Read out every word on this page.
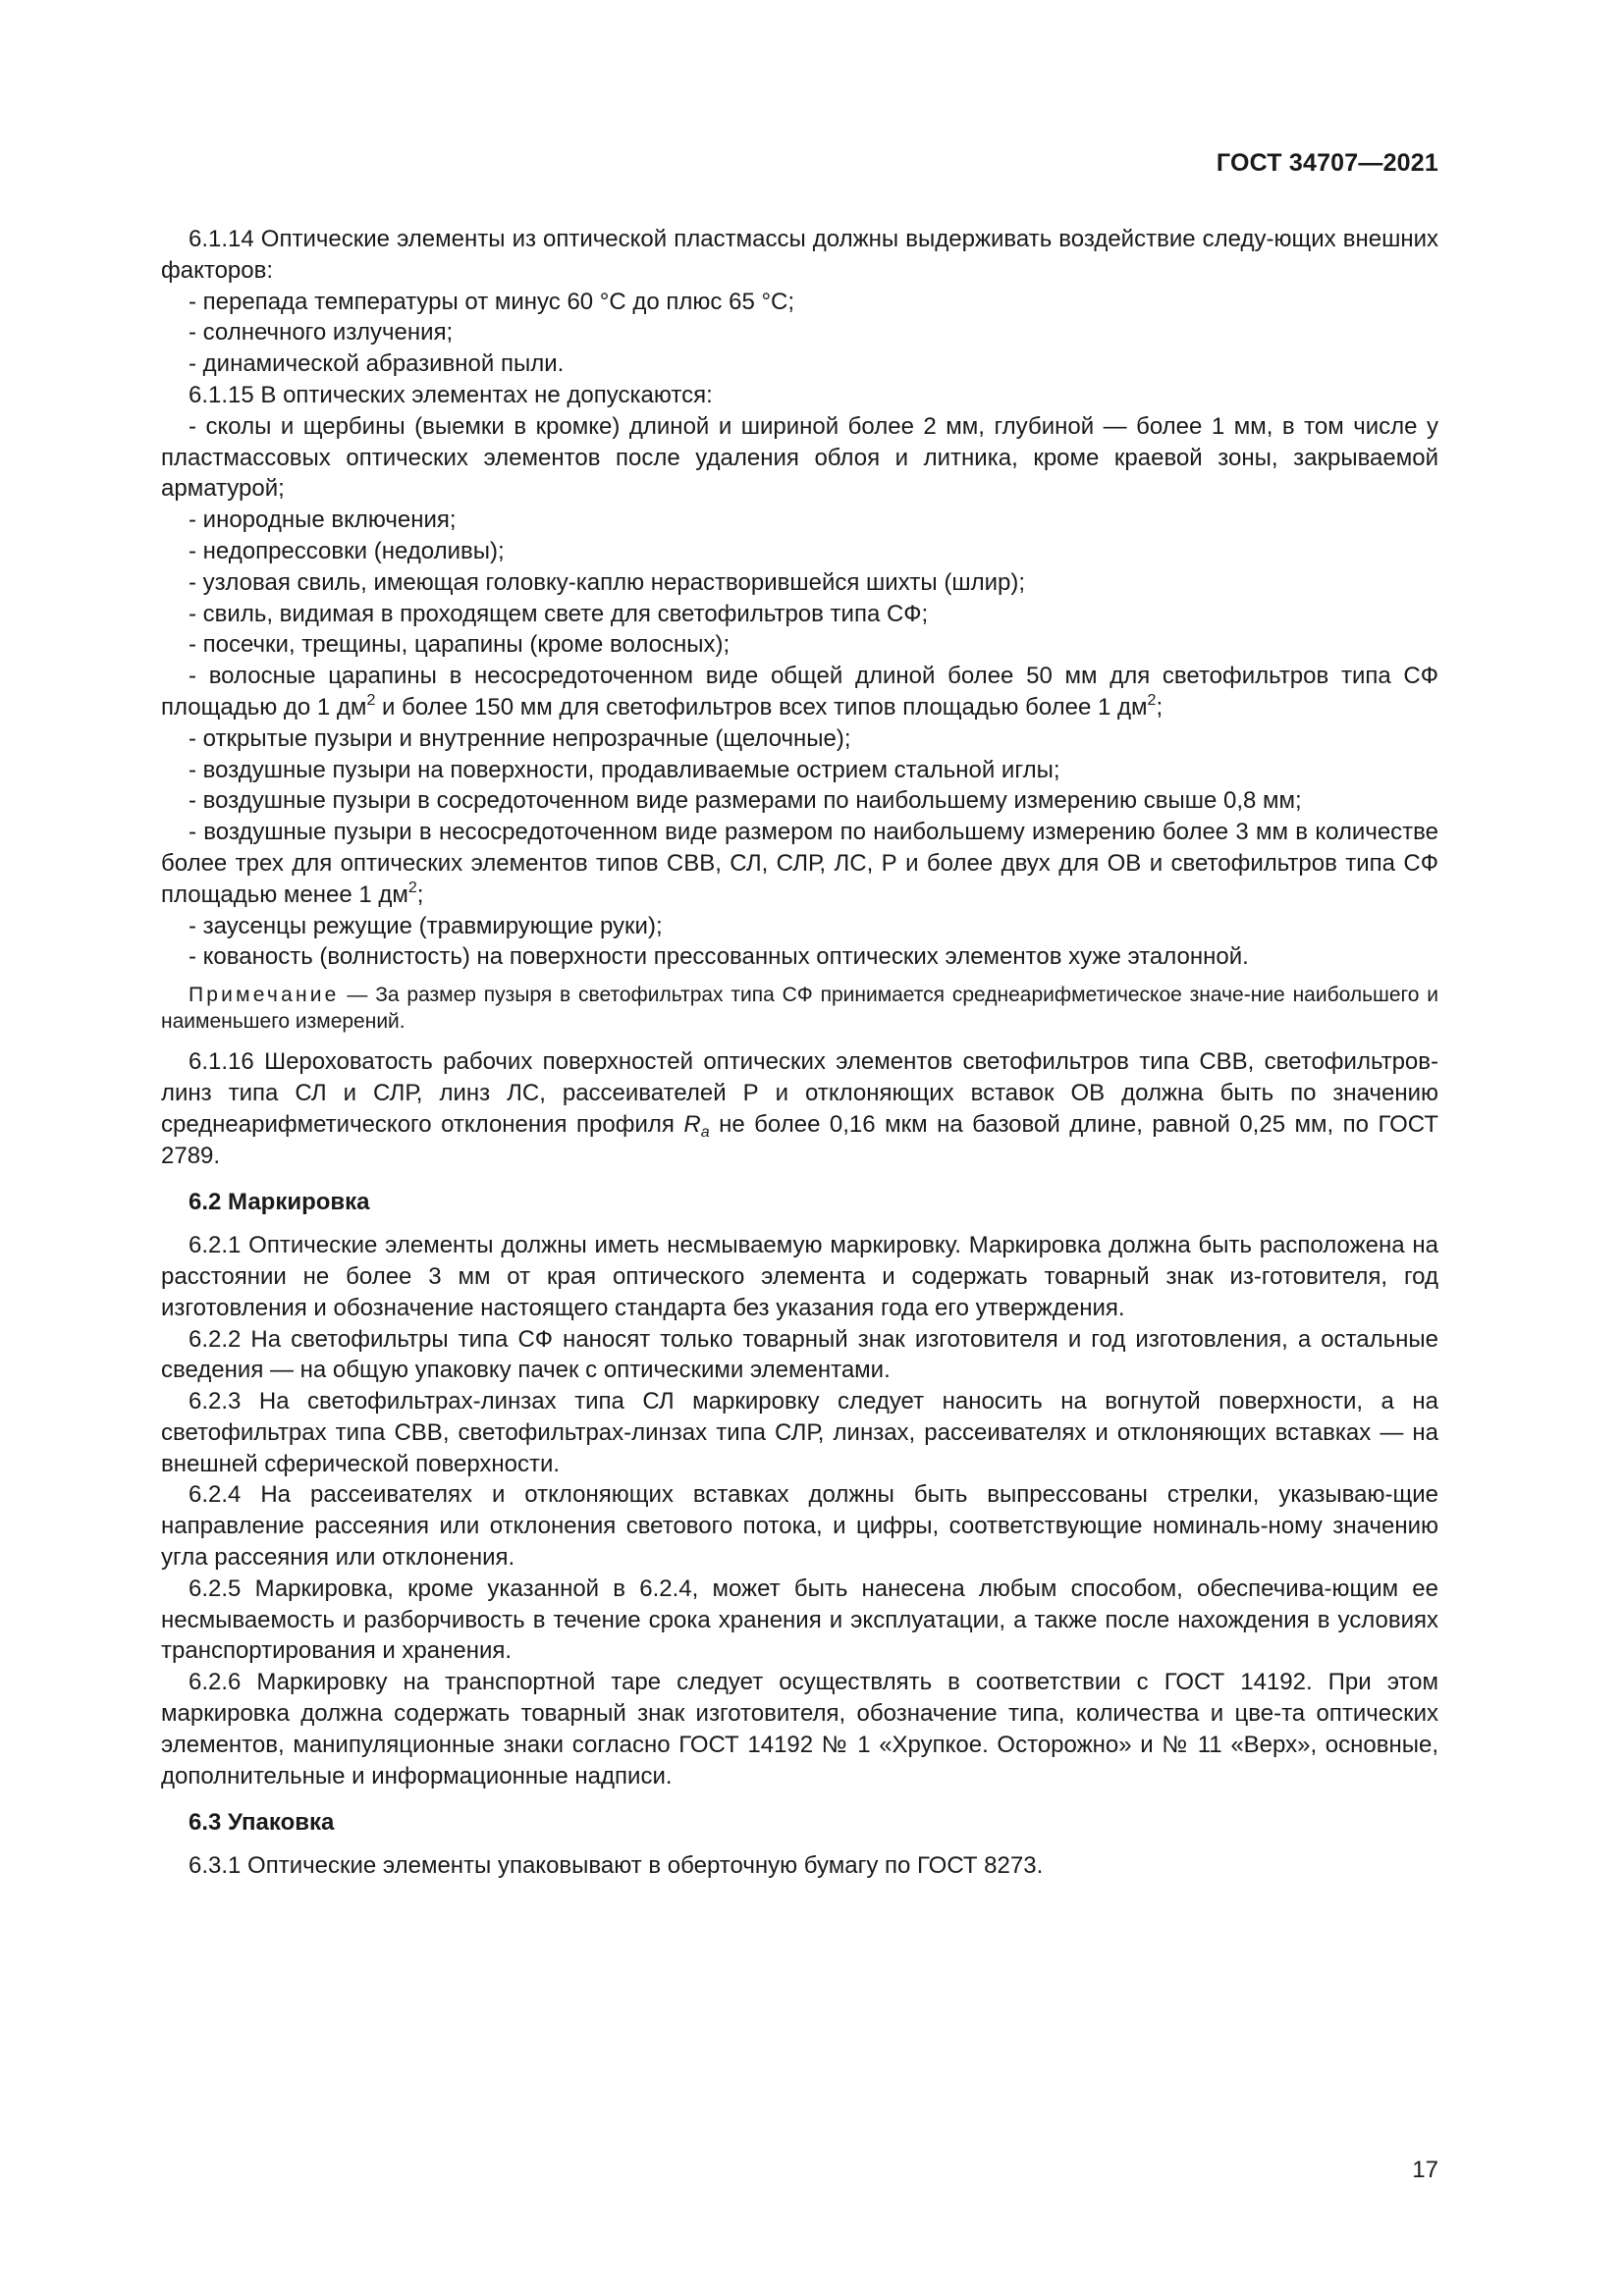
ГОСТ 34707—2021

6.1.14 Оптические элементы из оптической пластмассы должны выдерживать воздействие следу-ющих внешних факторов:

- перепада температуры от минус 60 °С до плюс 65 °С;
- солнечного излучения;
- динамической абразивной пыли.

6.1.15 В оптических элементах не допускаются:

- сколы и щербины (выемки в кромке) длиной и шириной более 2 мм, глубиной — более 1 мм, в том числе у пластмассовых оптических элементов после удаления облоя и литника, кроме краевой зоны, закрываемой арматурой;
- инородные включения;
- недопрессовки (недоливы);
- узловая свиль, имеющая головку-каплю нерастворившейся шихты (шлир);
- свиль, видимая в проходящем свете для светофильтров типа СФ;
- посечки, трещины, царапины (кроме волосных);
- волосные царапины в несосредоточенном виде общей длиной более 50 мм для светофильтров типа СФ площадью до 1 $дм^2$ и более 150 мм для светофильтров всех типов площадью более 1 $дм^2$;
- открытые пузыри и внутренние непрозрачные (щелочные);
- воздушные пузыри на поверхности, продавливаемые острием стальной иглы;
- воздушные пузыри в сосредоточенном виде размерами по наибольшему измерению свыше 0,8 мм;
- воздушные пузыри в несосредоточенном виде размером по наибольшему измерению более 3 мм в количестве более трех для оптических элементов типов СВВ, СЛ, СЛР, ЛС, Р и более двух для ОВ и светофильтров типа СФ площадью менее 1 $дм^2$;
- заусенцы режущие (травмирующие руки);
- кованость (волнистость) на поверхности прессованных оптических элементов хуже эталонной.

Примечание — За размер пузыря в светофильтрах типа СФ принимается среднеарифметическое значе-ние наибольшего и наименьшего измерений.

6.1.16 Шероховатость рабочих поверхностей оптических элементов светофильтров типа СВВ, светофильтров-линз типа СЛ и СЛР, линз ЛС, рассеивателей Р и отклоняющих вставок ОВ должна быть по значению среднеарифметического отклонения профиля $R_a$ не более 0,16 мкм на базовой длине, равной 0,25 мм, по ГОСТ 2789.

6.2 Маркировка

6.2.1 Оптические элементы должны иметь несмываемую маркировку. Маркировка должна быть расположена на расстоянии не более 3 мм от края оптического элемента и содержать товарный знак из-готовителя, год изготовления и обозначение настоящего стандарта без указания года его утверждения.

6.2.2 На светофильтры типа СФ наносят только товарный знак изготовителя и год изготовления, а остальные сведения — на общую упаковку пачек с оптическими элементами.

6.2.3 На светофильтрах-линзах типа СЛ маркировку следует наносить на вогнутой поверхности, а на светофильтрах типа СВВ, светофильтрах-линзах типа СЛР, линзах, рассеивателях и отклоняющих вставках — на внешней сферической поверхности.

6.2.4 На рассеивателях и отклоняющих вставках должны быть выпрессованы стрелки, указываю-щие направление рассеяния или отклонения светового потока, и цифры, соответствующие номиналь-ному значению угла рассеяния или отклонения.

6.2.5 Маркировка, кроме указанной в 6.2.4, может быть нанесена любым способом, обеспечива-ющим ее несмываемость и разборчивость в течение срока хранения и эксплуатации, а также после нахождения в условиях транспортирования и хранения.

6.2.6 Маркировку на транспортной таре следует осуществлять в соответствии с ГОСТ 14192. При этом маркировка должна содержать товарный знак изготовителя, обозначение типа, количества и цве-та оптических элементов, манипуляционные знаки согласно ГОСТ 14192 № 1 «Хрупкое. Осторожно» и № 11 «Верх», основные, дополнительные и информационные надписи.

6.3 Упаковка

6.3.1 Оптические элементы упаковывают в оберточную бумагу по ГОСТ 8273.

17
